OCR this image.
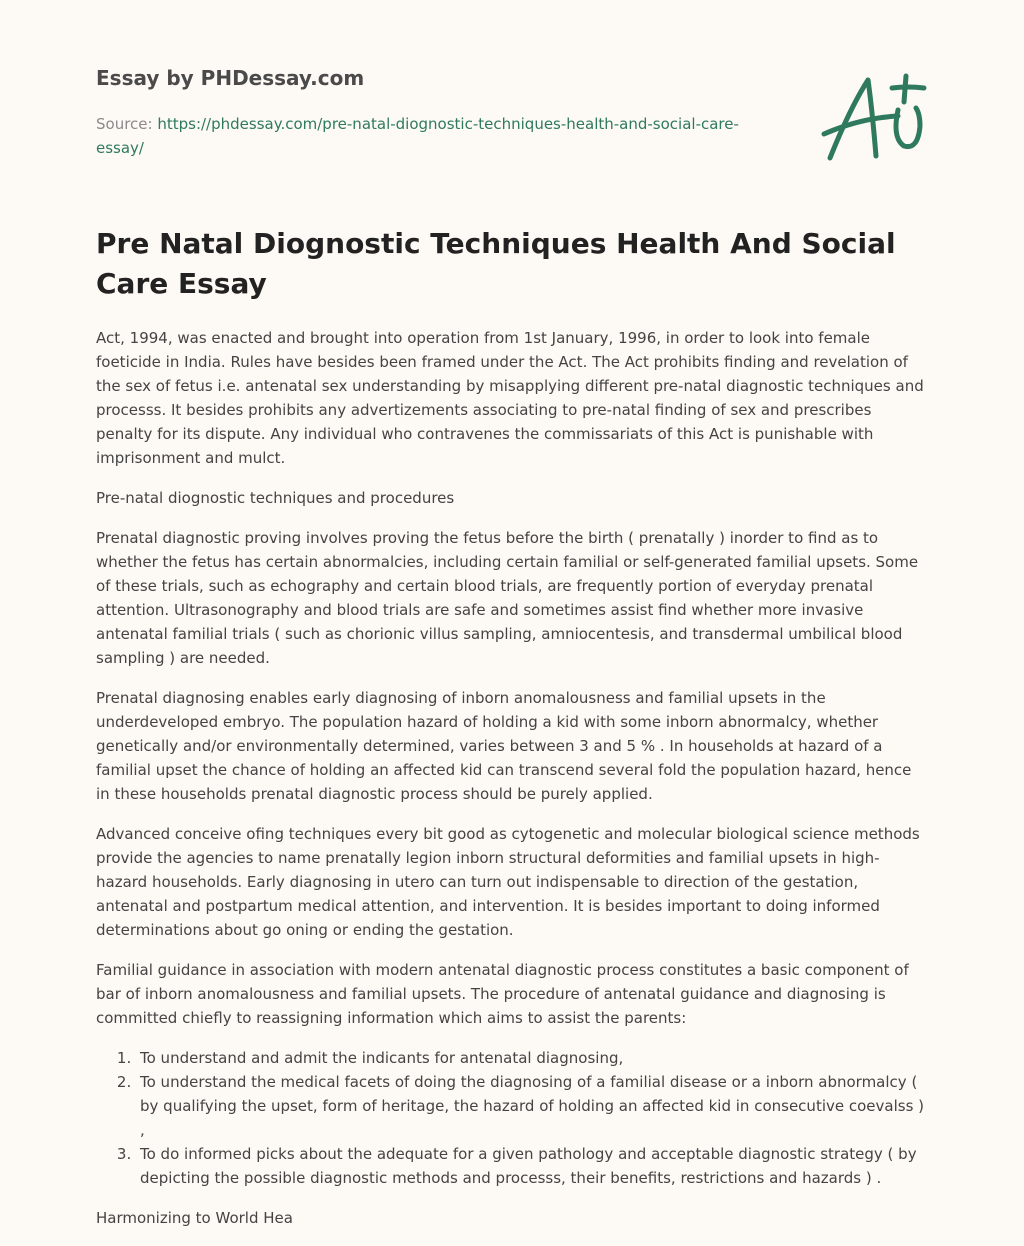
Essay by PHDessay.com
Source: https://phdessay.com/pre-natal-diognostic-techniques-health-and-social-care-essay/
Pre Natal Diognostic Techniques Health And Social Care Essay

Act, 1994, was enacted and brought into operation from 1st January, 1996, in order to look into female foeticide in India. Rules have besides been framed under the Act. The Act prohibits finding and revelation of the sex of fetus i.e. antenatal sex understanding by misapplying different pre-natal diagnostic techniques and processs. It besides prohibits any advertizements associating to pre-natal finding of sex and prescribes penalty for its dispute. Any individual who contravenes the commissariats of this Act is punishable with imprisonment and mulct.

Pre-natal diognostic techniques and procedures

Prenatal diagnostic proving involves proving the fetus before the birth ( prenatally ) inorder to find as to whether the fetus has certain abnormalcies, including certain familial or self-generated familial upsets. Some of these trials, such as echography and certain blood trials, are frequently portion of everyday prenatal attention. Ultrasonography and blood trials are safe and sometimes assist find whether more invasive antenatal familial trials ( such as chorionic villus sampling, amniocentesis, and transdermal umbilical blood sampling ) are needed.

Prenatal diagnosing enables early diagnosing of inborn anomalousness and familial upsets in the underdeveloped embryo. The population hazard of holding a kid with some inborn abnormalcy, whether genetically and/or environmentally determined, varies between 3 and 5 % . In households at hazard of a familial upset the chance of holding an affected kid can transcend several fold the population hazard, hence in these households prenatal diagnostic process should be purely applied.

Advanced conceive ofing techniques every bit good as cytogenetic and molecular biological science methods provide the agencies to name prenatally legion inborn structural deformities and familial upsets in high- hazard households. Early diagnosing in utero can turn out indispensable to direction of the gestation, antenatal and postpartum medical attention, and intervention. It is besides important to doing informed determinations about go oning or ending the gestation.

Familial guidance in association with modern antenatal diagnostic process constitutes a basic component of bar of inborn anomalousness and familial upsets. The procedure of antenatal guidance and diagnosing is committed chiefly to reassigning information which aims to assist the parents:

1. To understand and admit the indicants for antenatal diagnosing,
2. To understand the medical facets of doing the diagnosing of a familial disease or a inborn abnormalcy ( by qualifying the upset, form of heritage, the hazard of holding an affected kid in consecutive coevalss ) ,
3. To do informed picks about the adequate for a given pathology and acceptable diagnostic strategy ( by depicting the possible diagnostic methods and processs, their benefits, restrictions and hazards ) .

Harmonizing to World Hea
